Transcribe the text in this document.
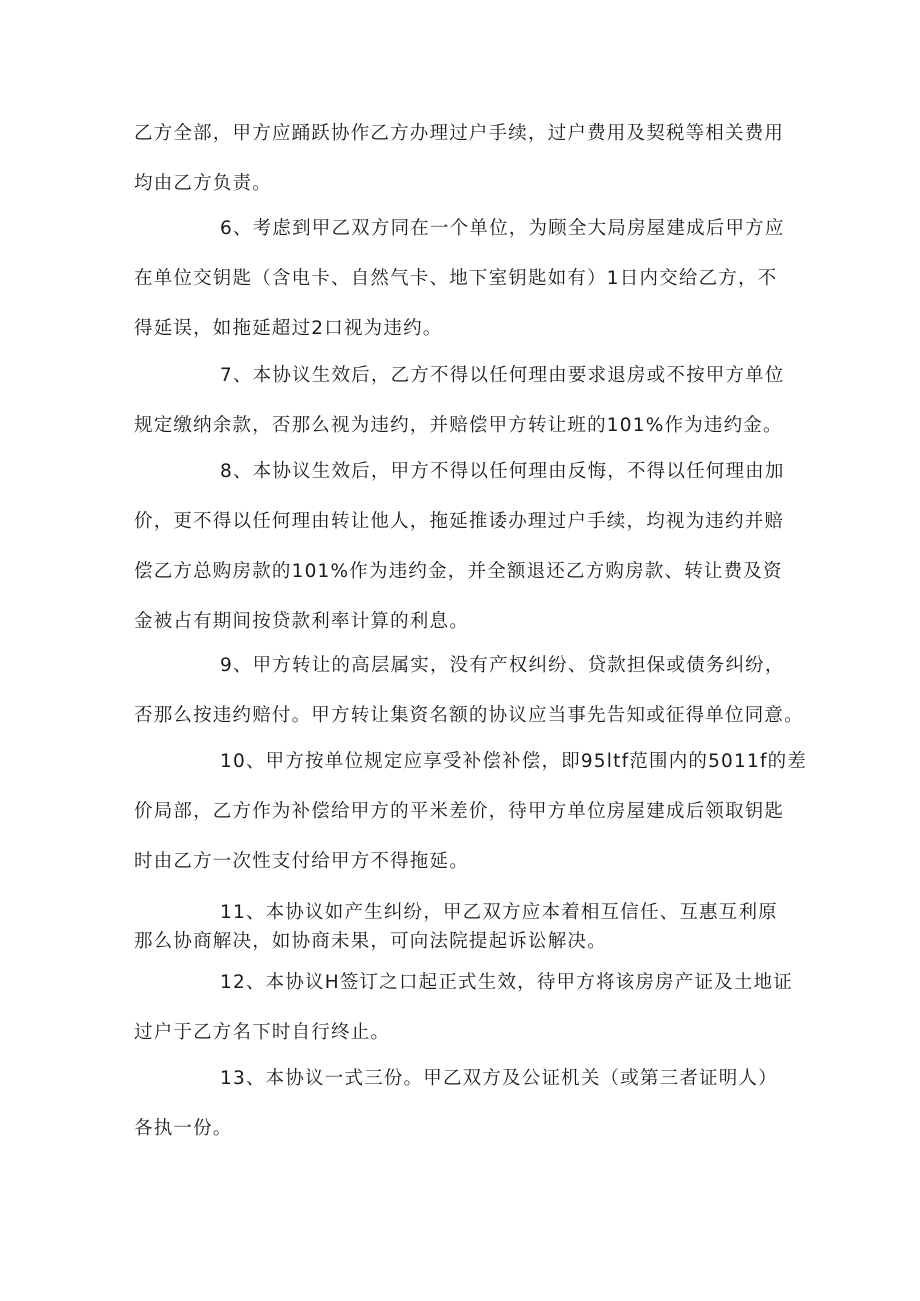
乙方全部，甲方应踊跃协作乙方办理过户手续，过户费用及契税等相关费用
均由乙方负责。

6、考虑到甲乙双方同在一个单位，为顾全大局房屋建成后甲方应
在单位交钥匙（含电卡、自然气卡、地下室钥匙如有）1日内交给乙方，不
得延误，如拖延超过2口视为违约。

7、本协议生效后，乙方不得以任何理由要求退房或不按甲方单位
规定缴纳余款，否那么视为违约，并赔偿甲方转让班的101%作为违约金。

8、本协议生效后，甲方不得以任何理由反悔，不得以任何理由加
价，更不得以任何理由转让他人，拖延推诿办理过户手续，均视为违约并赔
偿乙方总购房款的101%作为违约金，并全额退还乙方购房款、转让费及资
金被占有期间按贷款利率计算的利息。

9、甲方转让的高层属实，没有产权纠纷、贷款担保或债务纠纷，
否那么按违约赔付。甲方转让集资名额的协议应当事先告知或征得单位同意。

10、甲方按单位规定应享受补偿补偿，即95ltf范围内的5011f的差
价局部，乙方作为补偿给甲方的平米差价，待甲方单位房屋建成后领取钥匙
时由乙方一次性支付给甲方不得拖延。

11、本协议如产生纠纷，甲乙双方应本着相互信任、互惠互利原
那么协商解决，如协商未果，可向法院提起诉讼解决。

12、本协议H签订之口起正式生效，待甲方将该房房产证及土地证
过户于乙方名下时自行终止。

13、本协议一式三份。甲乙双方及公证机关（或第三者证明人）
各执一份。
